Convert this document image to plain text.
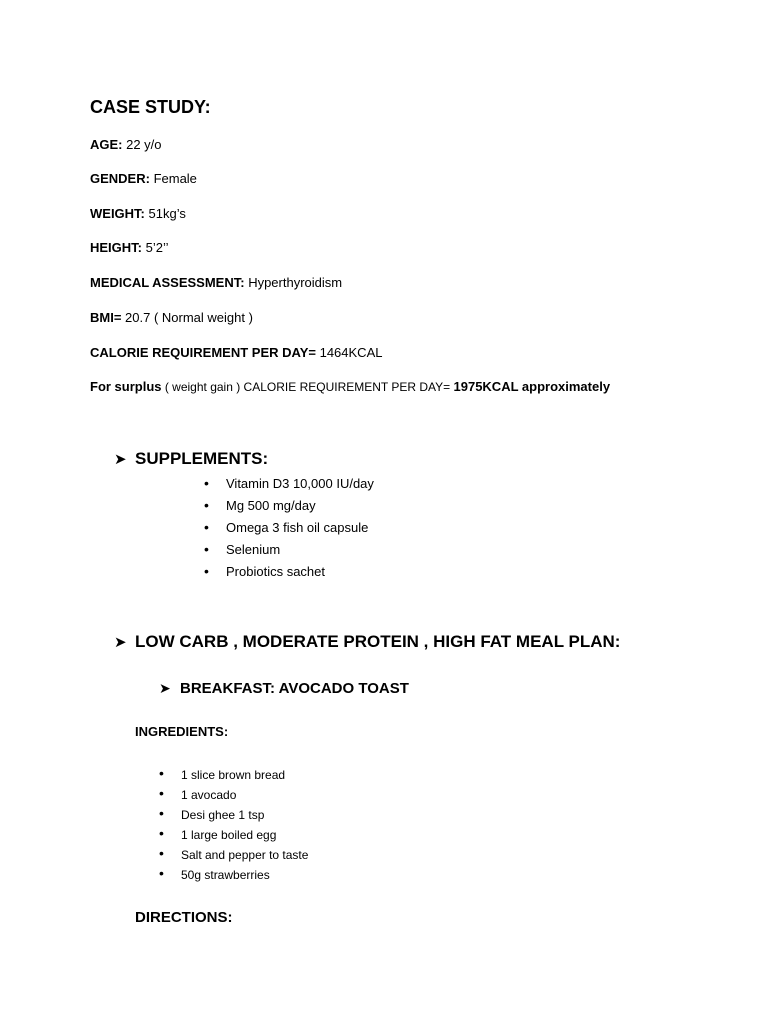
CASE STUDY:
AGE: 22 y/o
GENDER: Female
WEIGHT: 51kg’s
HEIGHT: 5’2’’
MEDICAL ASSESSMENT: Hyperthyroidism
BMI= 20.7 ( Normal weight )
CALORIE REQUIREMENT PER DAY= 1464KCAL
For surplus ( weight gain ) CALORIE REQUIREMENT PER DAY= 1975KCAL approximately
➤ SUPPLEMENTS:
• Vitamin D3 10,000 IU/day
• Mg 500 mg/day
• Omega 3 fish oil capsule
• Selenium
• Probiotics sachet
➤ LOW CARB , MODERATE PROTEIN , HIGH FAT MEAL PLAN:
➤ BREAKFAST: AVOCADO TOAST
INGREDIENTS:
• 1 slice brown bread
• 1 avocado
• Desi ghee 1 tsp
• 1 large boiled egg
• Salt and pepper to taste
• 50g strawberries
DIRECTIONS:
